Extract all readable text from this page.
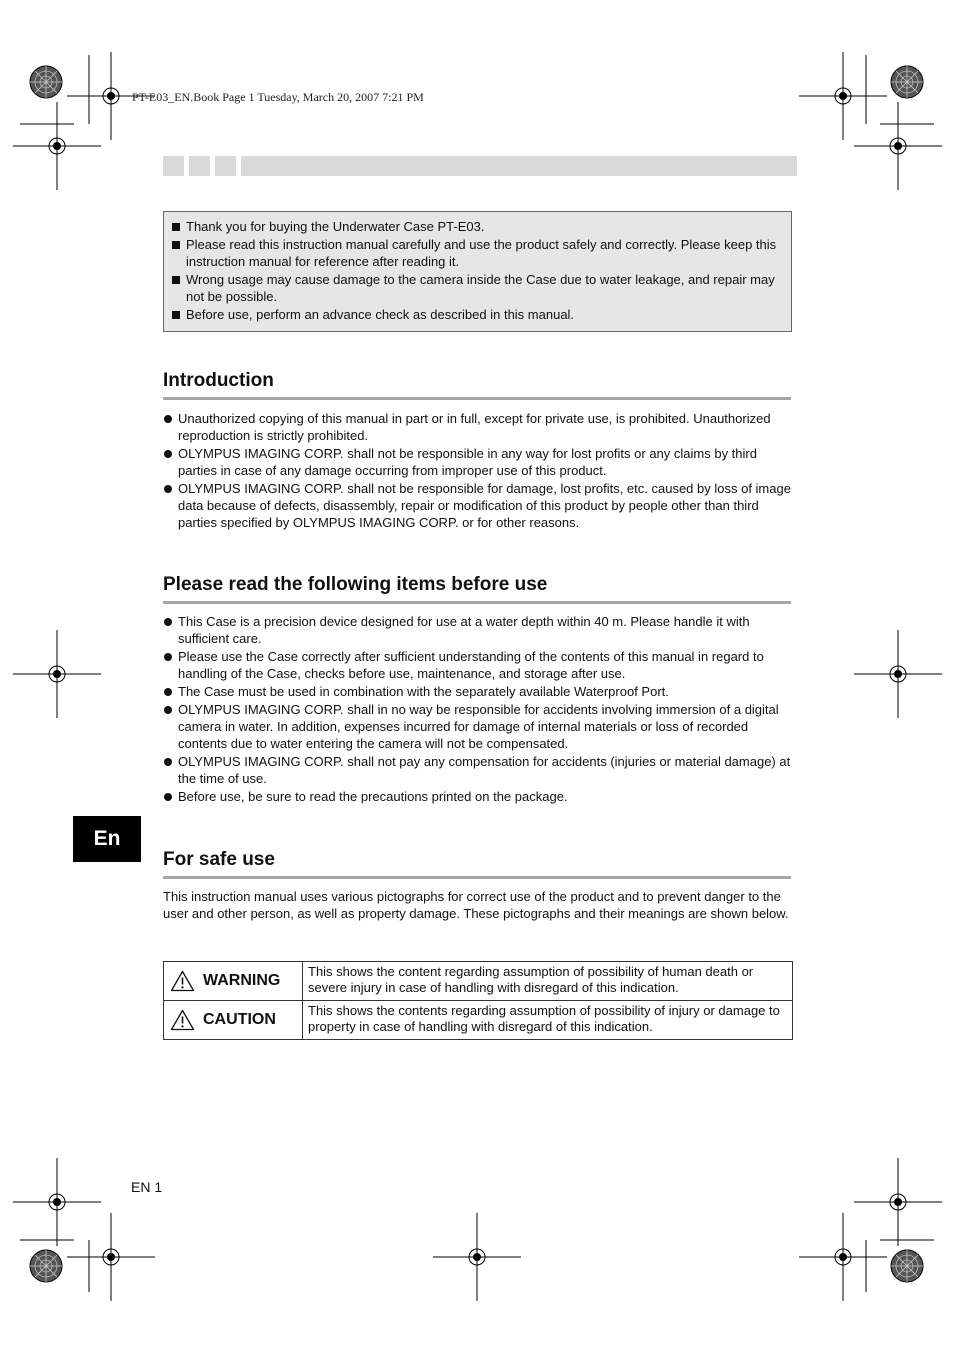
PT-E03_EN.Book Page 1 Tuesday, March 20, 2007 7:21 PM
Thank you for buying the Underwater Case PT-E03.
Please read this instruction manual carefully and use the product safely and correctly. Please keep this instruction manual for reference after reading it.
Wrong usage may cause damage to the camera inside the Case due to water leakage, and repair may not be possible.
Before use, perform an advance check as described in this manual.
Introduction
Unauthorized copying of this manual in part or in full, except for private use, is prohibited. Unauthorized reproduction is strictly prohibited.
OLYMPUS IMAGING CORP. shall not be responsible in any way for lost profits or any claims by third parties in case of any damage occurring from improper use of this product.
OLYMPUS IMAGING CORP. shall not be responsible for damage, lost profits, etc. caused by loss of image data because of defects, disassembly, repair or modification of this product by people other than third parties specified by OLYMPUS IMAGING CORP. or for other reasons.
Please read the following items before use
This Case is a precision device designed for use at a water depth within 40 m. Please handle it with sufficient care.
Please use the Case correctly after sufficient understanding of the contents of this manual in regard to handling of the Case, checks before use, maintenance, and storage after use.
The Case must be used in combination with the separately available Waterproof Port.
OLYMPUS IMAGING CORP. shall in no way be responsible for accidents involving immersion of a digital camera in water. In addition, expenses incurred for damage of internal materials or loss of recorded contents due to water entering the camera will not be compensated.
OLYMPUS IMAGING CORP. shall not pay any compensation for accidents (injuries or material damage) at the time of use.
Before use, be sure to read the precautions printed on the package.
En
For safe use

This instruction manual uses various pictographs for correct use of the product and to prevent danger to the user and other person, as well as property damage. These pictographs and their meanings are shown below.

WARNING	This shows the content regarding assumption of possibility of human death or severe injury in case of handling with disregard of this indication.

CAUTION	This shows the contents regarding assumption of possibility of injury or damage to property in case of handling with disregard of this indication.
EN 1
